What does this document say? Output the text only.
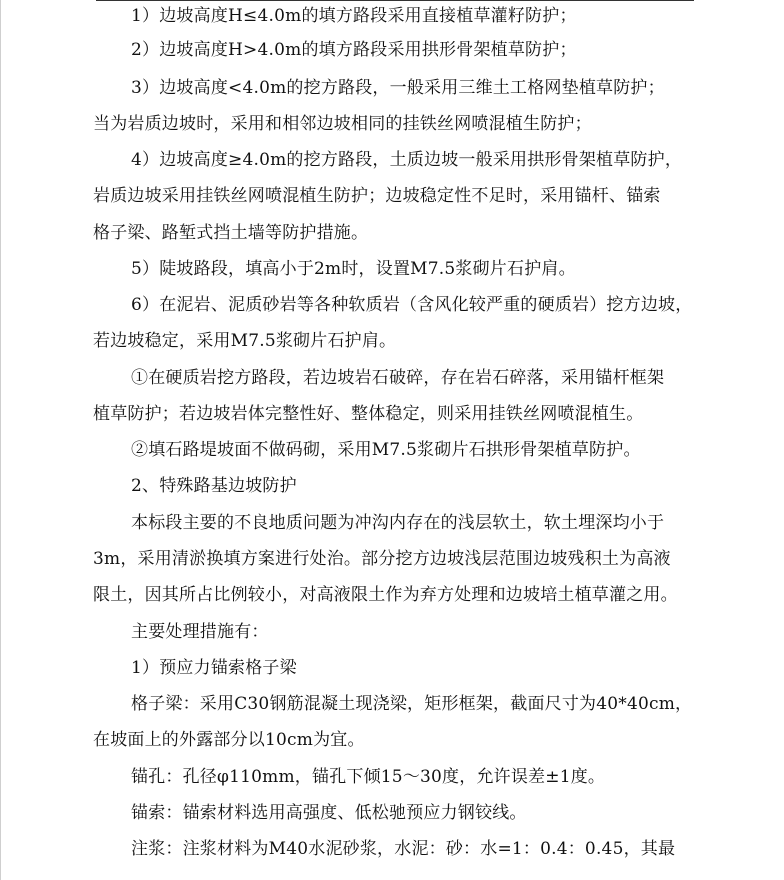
1）边坡高度H≤4.0m的填方路段采用直接植草灌籽防护；
2）边坡高度H>4.0m的填方路段采用拱形骨架植草防护；
3）边坡高度<4.0m的挖方路段，一般采用三维土工格网垫植草防护；
当为岩质边坡时，采用和相邻边坡相同的挂铁丝网喷混植生防护；
4）边坡高度≥4.0m的挖方路段，土质边坡一般采用拱形骨架植草防护，
岩质边坡采用挂铁丝网喷混植生防护；边坡稳定性不足时，采用锚杆、锚索
格子梁、路堑式挡土墙等防护措施。
5）陡坡路段，填高小于2m时，设置M7.5浆砌片石护肩。
6）在泥岩、泥质砂岩等各种软质岩（含风化较严重的硬质岩）挖方边坡，
若边坡稳定，采用M7.5浆砌片石护肩。
①在硬质岩挖方路段，若边坡岩石破碎，存在岩石碎落，采用锚杆框架
植草防护；若边坡岩体完整性好、整体稳定，则采用挂铁丝网喷混植生。
②填石路堤坡面不做码砌，采用M7.5浆砌片石拱形骨架植草防护。
2、特殊路基边坡防护
本标段主要的不良地质问题为冲沟内存在的浅层软土，软土埋深均小于
3m，采用清淤换填方案进行处治。部分挖方边坡浅层范围边坡残积土为高液
限土，因其所占比例较小，对高液限土作为弃方处理和边坡培土植草灌之用。
主要处理措施有：
1）预应力锚索格子梁
格子梁：采用C30钢筋混凝土现浇梁，矩形框架，截面尺寸为40*40cm，
在坡面上的外露部分以10cm为宜。
锚孔：孔径φ110mm，锚孔下倾15～30度，允许误差±1度。
锚索：锚索材料选用高强度、低松驰预应力钢铰线。
注浆：注浆材料为M40水泥砂浆，水泥：砂：水=1：0.4：0.45，其最
